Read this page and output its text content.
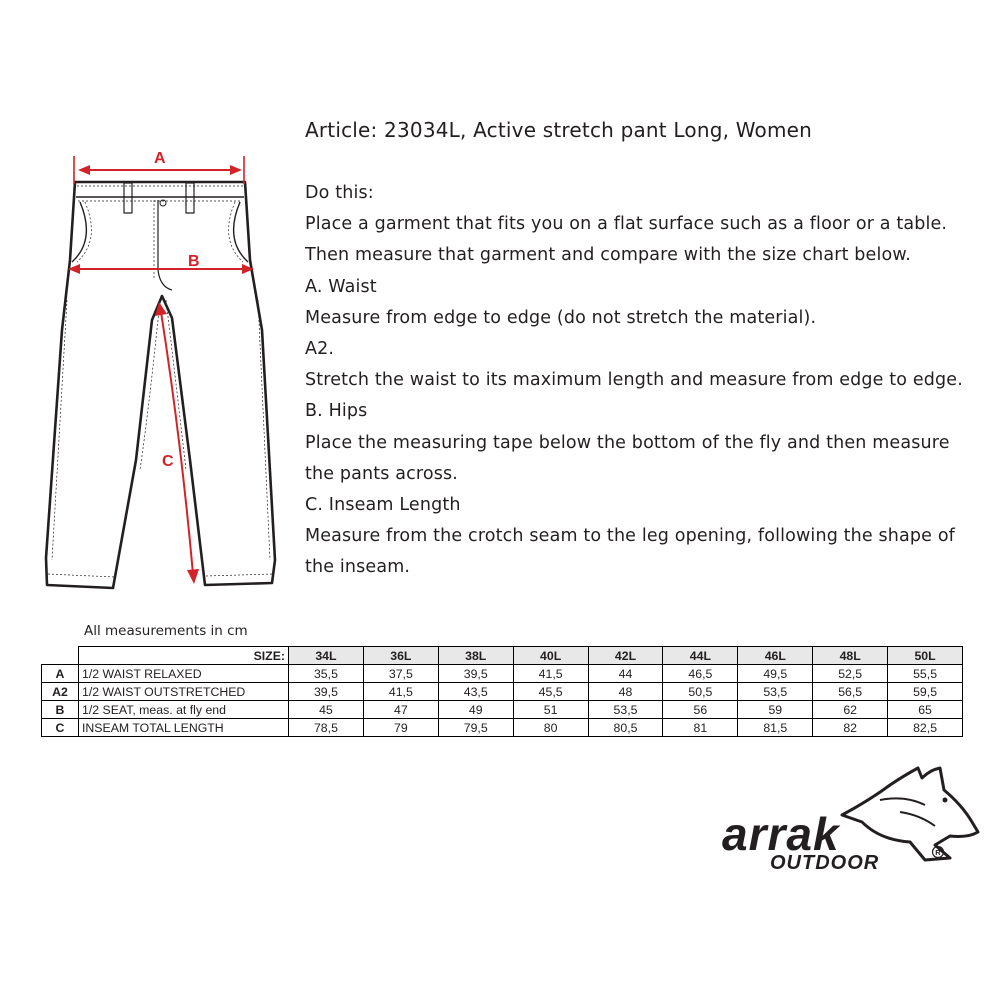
A
B
C
Article: 23034L, Active stretch pant Long, Women

Do this:

Place a garment that fits you on a flat surface such as a floor or a table.

Then measure that garment and compare with the size chart below.

A. Waist

Measure from edge to edge (do not stretch the material).

A2.

Stretch the waist to its maximum length and measure from edge to edge.

B. Hips

Place the measuring tape below the bottom of the fly and then measure the pants across.

C. Inseam Length

Measure from the crotch seam to the leg opening, following the shape of the inseam.

All measurements in cm
	SIZE:	34L	36L	38L	40L	42L	44L	46L	48L	50L
A	1/2 WAIST RELAXED	35,5	37,5	39,5	41,5	44	46,5	49,5	52,5	55,5
A2	1/2 WAIST OUTSTRETCHED	39,5	41,5	43,5	45,5	48	50,5	53,5	56,5	59,5
B	1/2 SEAT, meas. at fly end	45	47	49	51	53,5	56	59	62	65
C	INSEAM TOTAL LENGTH	78,5	79	79,5	80	80,5	81	81,5	82	82,5
arrak
OUTDOOR	R
